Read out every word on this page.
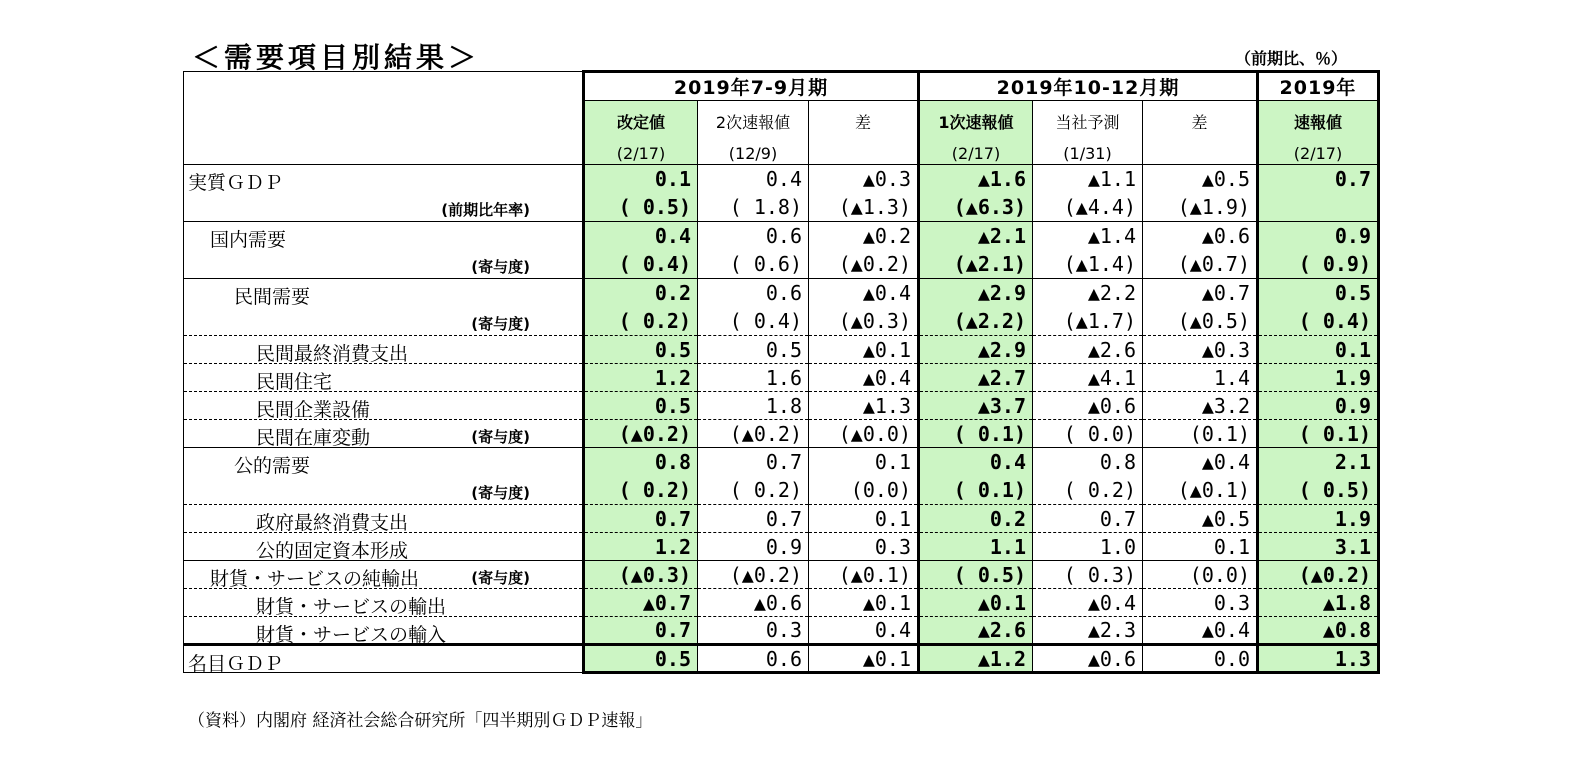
＜需要項目別結果＞	（前期比、％）
	2019年7-9月期			2019年10-12月期			2019年
	改定値	2次速報値	差	1次速報値	当社予測	差	速報値
	(2/17)	(12/9)		(2/17)	(1/31)		(2/17)

実質ＧＤＰ	0.1	0.4	▲0.3	▲1.6	▲1.1	▲0.5	0.7

(前期比年率)	( 0.5)	( 1.8)	(▲1.3)	(▲6.3)	(▲4.4)	(▲1.9)	

国内需要	0.4	0.6	▲0.2	▲2.1	▲1.4	▲0.6	0.9

(寄与度)	( 0.4)	( 0.6)	(▲0.2)	(▲2.1)	(▲1.4)	(▲0.7)	( 0.9)

民間需要	0.2	0.6	▲0.4	▲2.9	▲2.2	▲0.7	0.5

(寄与度)	( 0.2)	( 0.4)	(▲0.3)	(▲2.2)	(▲1.7)	(▲0.5)	( 0.4)

民間最終消費支出	0.5	0.5	▲0.1	▲2.9	▲2.6	▲0.3	0.1

民間住宅	1.2	1.6	▲0.4	▲2.7	▲4.1	1.4	1.9

民間企業設備	0.5	1.8	▲1.3	▲3.7	▲0.6	▲3.2	0.9

民間在庫変動 (寄与度)	(▲0.2)	(▲0.2)	(▲0.0)	( 0.1)	( 0.0)	(0.1)	( 0.1)

公的需要	0.8	0.7	0.1	0.4	0.8	▲0.4	2.1

(寄与度)	( 0.2)	( 0.2)	(0.0)	( 0.1)	( 0.2)	(▲0.1)	( 0.5)

政府最終消費支出	0.7	0.7	0.1	0.2	0.7	▲0.5	1.9

公的固定資本形成	1.2	0.9	0.3	1.1	1.0	0.1	3.1

財貨・サービスの純輸出 (寄与度)	(▲0.3)	(▲0.2)	(▲0.1)	( 0.5)	( 0.3)	(0.0)	(▲0.2)

財貨・サービスの輸出	▲0.7	▲0.6	▲0.1	▲0.1	▲0.4	0.3	▲1.8

財貨・サービスの輸入	0.7	0.3	0.4	▲2.6	▲2.3	▲0.4	▲0.8

名目ＧＤＰ	0.5	0.6	▲0.1	▲1.2	▲0.6	0.0	1.3
（資料）内閣府 経済社会総合研究所「四半期別ＧＤＰ速報」
